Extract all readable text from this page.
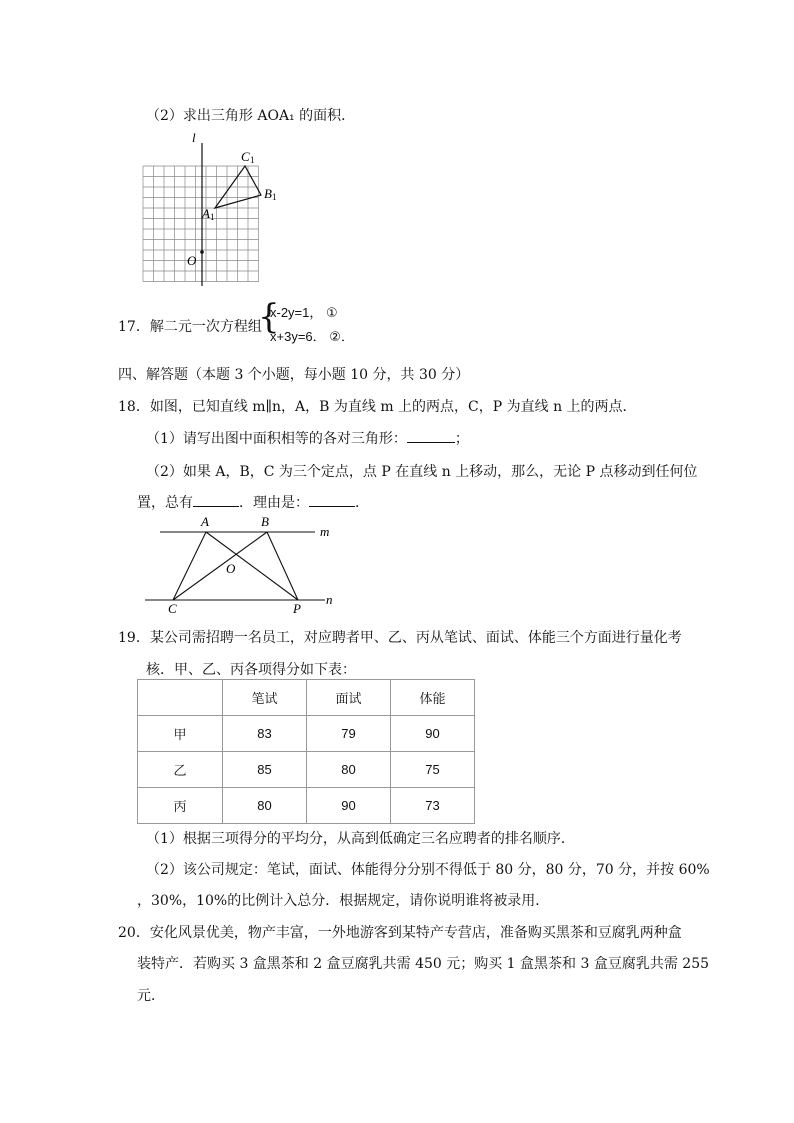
（2）求出三角形 AOA₁ 的面积．
l
C 1
B 1
A 1
O
17．解二元一次方程组
{
x-2y=1， ①
x+3y=6． ②．
四、解答题（本题 3 个小题，每小题 10 分，共 30 分）
18．如图，已知直线 m∥n，A，B 为直线 m 上的两点，C，P 为直线 n 上的两点．
（1）请写出图中面积相等的各对三角形：	；
（2）如果 A，B，C 为三个定点，点 P 在直线 n 上移动，那么，无论 P 点移动到任何位
置，总有	．理由是：	．
A	B
m
O
C	P
n
19．某公司需招聘一名员工，对应聘者甲、乙、丙从笔试、面试、体能三个方面进行量化考
核．甲、乙、丙各项得分如下表：
	笔试	面试	体能
甲	83	79	90
乙	85	80	75
丙	80	90	73
（1）根据三项得分的平均分，从高到低确定三名应聘者的排名顺序．
（2）该公司规定：笔试，面试、体能得分分别不得低于 80 分，80 分，70 分，并按 60%
，30%，10%的比例计入总分．根据规定，请你说明谁将被录用．
20．安化风景优美，物产丰富，一外地游客到某特产专营店，准备购买黑茶和豆腐乳两种盒
装特产．若购买 3 盒黑茶和 2 盒豆腐乳共需 450 元；购买 1 盒黑茶和 3 盒豆腐乳共需 255
元．
